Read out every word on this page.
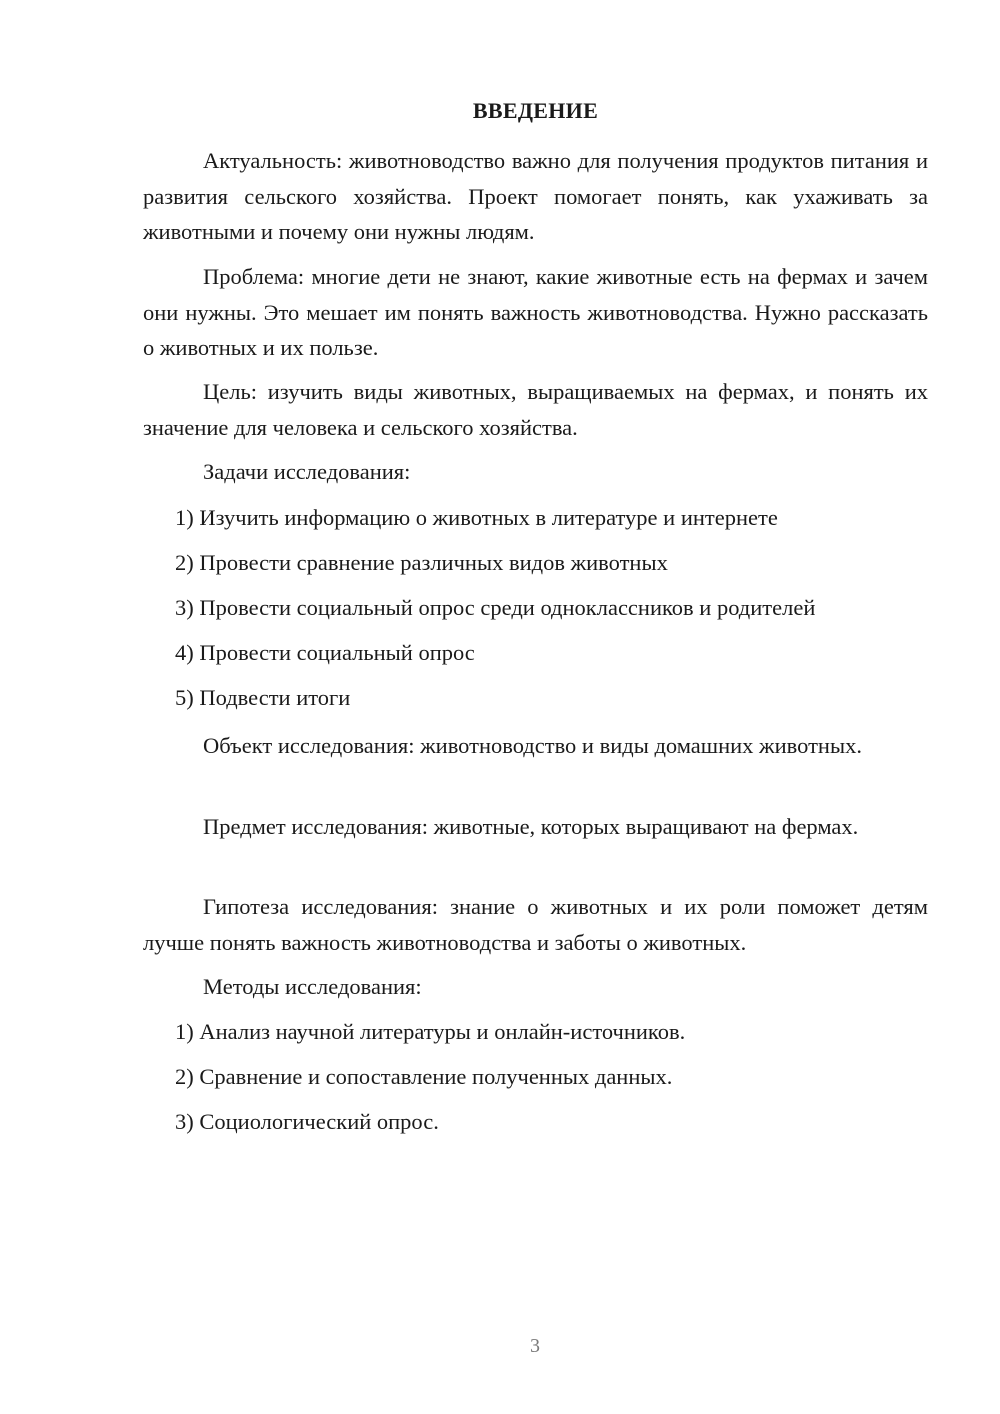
ВВЕДЕНИЕ

Актуальность: животноводство важно для получения продуктов питания и развития сельского хозяйства. Проект помогает понять, как ухаживать за животными и почему они нужны людям.

Проблема: многие дети не знают, какие животные есть на фермах и зачем они нужны. Это мешает им понять важность животноводства. Нужно рассказать о животных и их пользе.

Цель: изучить виды животных, выращиваемых на фермах, и понять их значение для человека и сельского хозяйства.

Задачи исследования:
1) Изучить информацию о животных в литературе и интернете
2) Провести сравнение различных видов животных
3) Провести социальный опрос среди одноклассников и родителей
4) Провести социальный опрос
5) Подвести итоги

Объект исследования: животноводство и виды домашних животных.

Предмет исследования: животные, которых выращивают на фермах.

Гипотеза исследования: знание о животных и их роли поможет детям лучше понять важность животноводства и заботы о животных.

Методы исследования:
1) Анализ научной литературы и онлайн-источников.
2) Сравнение и сопоставление полученных данных.
3) Социологический опрос.
3
